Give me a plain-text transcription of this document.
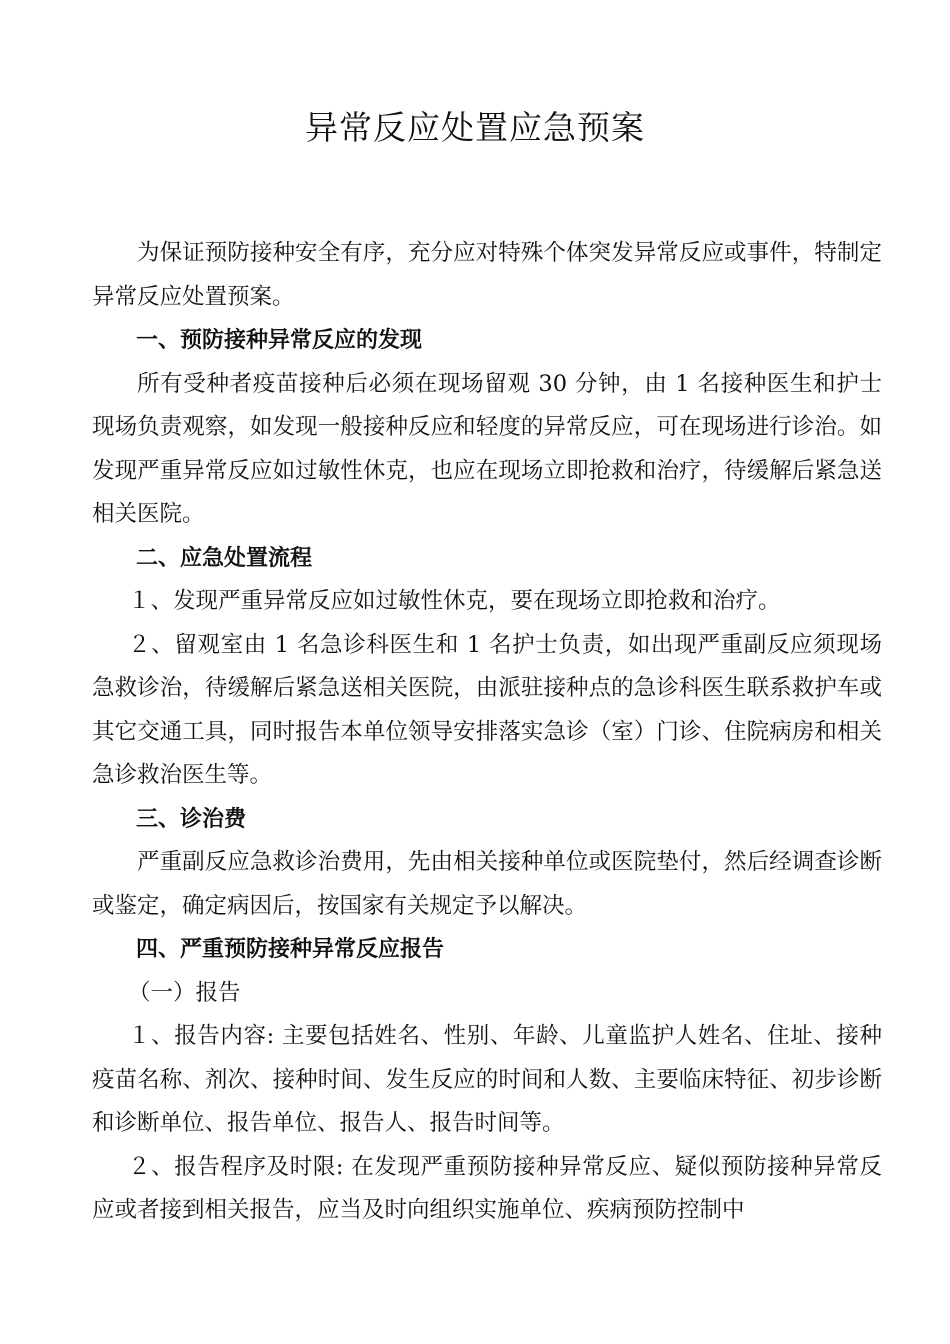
异常反应处置应急预案

为保证预防接种安全有序，充分应对特殊个体突发异常反应或事件，特制定异常反应处置预案。

一、预防接种异常反应的发现

所有受种者疫苗接种后必须在现场留观 30 分钟，由 1 名接种医生和护士现场负责观察，如发现一般接种反应和轻度的异常反应，可在现场进行诊治。如发现严重异常反应如过敏性休克，也应在现场立即抢救和治疗，待缓解后紧急送相关医院。

二、应急处置流程

１、发现严重异常反应如过敏性休克，要在现场立即抢救和治疗。

２、留观室由 1 名急诊科医生和 1 名护士负责，如出现严重副反应须现场急救诊治，待缓解后紧急送相关医院，由派驻接种点的急诊科医生联系救护车或其它交通工具，同时报告本单位领导安排落实急诊（室）门诊、住院病房和相关急诊救治医生等。

三、诊治费

严重副反应急救诊治费用，先由相关接种单位或医院垫付，然后经调查诊断或鉴定，确定病因后，按国家有关规定予以解决。

四、严重预防接种异常反应报告

（一）报告

１、报告内容: 主要包括姓名、性别、年龄、儿童监护人姓名、住址、接种疫苗名称、剂次、接种时间、发生反应的时间和人数、主要临床特征、初步诊断和诊断单位、报告单位、报告人、报告时间等。

２、报告程序及时限: 在发现严重预防接种异常反应、疑似预防接种异常反应或者接到相关报告，应当及时向组织实施单位、疾病预防控制中
